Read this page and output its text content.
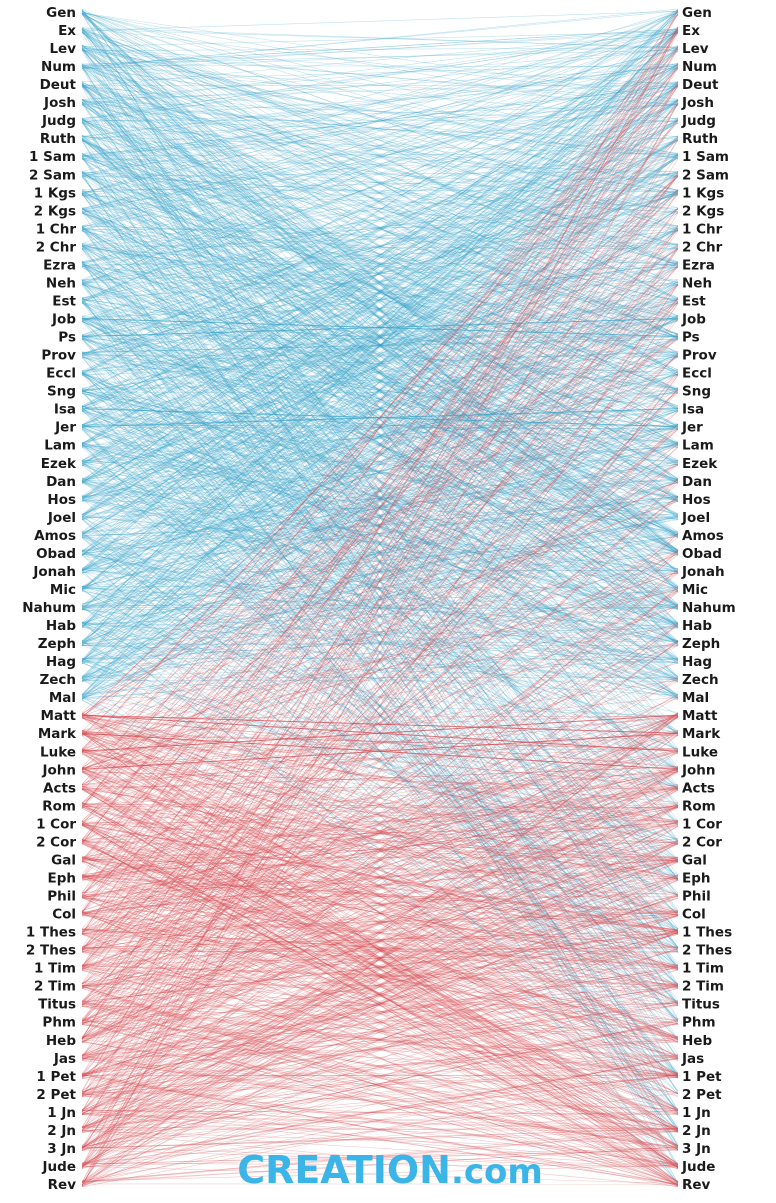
Gen
Ex
Lev
Num
Deut
Josh
Judg
Ruth
1 Sam
2 Sam
1 Kgs
2 Kgs
1 Chr
2 Chr
Ezra
Neh
Est
Job
Ps
Prov
Eccl
Sng
Isa
Jer
Lam
Ezek
Dan
Hos
Joel
Amos
Obad
Jonah
Mic
Nahum
Hab
Zeph
Hag
Zech
Mal
Matt
Mark
Luke
John
Acts
Rom
1 Cor
2 Cor
Gal
Eph
Phil
Col
1 Thes
2 Thes
1 Tim
2 Tim
Titus
Phm
Heb
Jas
1 Pet
2 Pet
1 Jn
2 Jn
3 Jn
Jude
Rev
Gen
Ex
Lev
Num
Deut
Josh
Judg
Ruth
1 Sam
2 Sam
1 Kgs
2 Kgs
1 Chr
2 Chr
Ezra
Neh
Est
Job
Ps
Prov
Eccl
Sng
Isa
Jer
Lam
Ezek
Dan
Hos
Joel
Amos
Obad
Jonah
Mic
Nahum
Hab
Zeph
Hag
Zech
Mal
Matt
Mark
Luke
John
Acts
Rom
1 Cor
2 Cor
Gal
Eph
Phil
Col
1 Thes
2 Thes
1 Tim
2 Tim
Titus
Phm
Heb
Jas
1 Pet
2 Pet
1 Jn
2 Jn
3 Jn
Jude
Rev
CREATION.com
